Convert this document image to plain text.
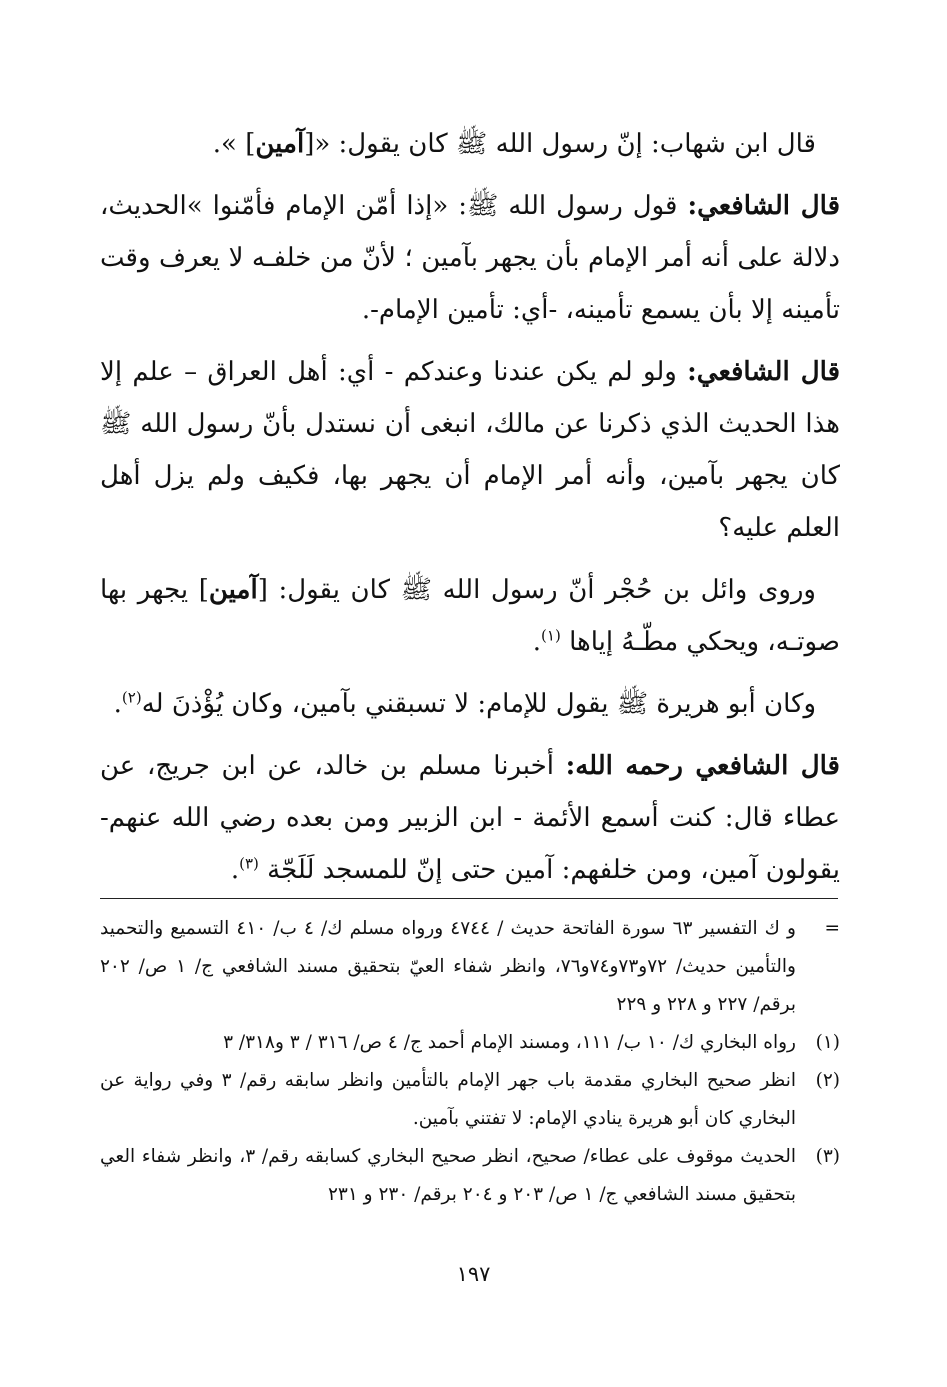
قال ابن شهاب: إنّ رسول الله ﷺ كان يقول: «[آمين] ».

قال الشافعي: قول رسول الله ﷺ: «إذا أمّن الإمام فأمّنوا »الحديث، دلالة على أنه أمر الإمام بأن يجهر بآمين ؛ لأنّ من خلفـه لا يعرف وقت تأمينه إلا بأن يسمع تأمينه، -أي: تأمين الإمام-.

قال الشافعي: ولو لم يكن عندنا وعندكم - أي: أهل العراق – علم إلا هذا الحديث الذي ذكرنا عن مالك، انبغى أن نستدل بأنّ رسول الله ﷺ كان يجهر بآمين، وأنه أمر الإمام أن يجهر بها، فكيف ولم يزل أهل العلم عليه؟

وروى وائل بن حُجْر أنّ رسول الله ﷺ كان يقول: [آمين] يجهر بها صوتـه، ويحكي مطّـهُ إياها $^{(١)}$.

وكان أبو هريرة ﷺ يقول للإمام: لا تسبقني بآمين، وكان يُؤْذنَ له$^{(٢)}$.

قال الشافعي رحمه الله: أخبرنا مسلم بن خالد، عن ابن جريج، عن عطاء قال: كنت أسمع الأئمة - ابن الزبير ومن بعده رضي الله عنهم- يقولون آمين، ومن خلفهم: آمين حتى إنّ للمسجد لَلَجّة $^{(٣)}$.

=
و ك التفسير ٦٣ سورة الفاتحة حديث / ٤٧٤٤ ورواه مسلم ك/ ٤ ب/ ٤١٠ التسميع والتحميد والتأمين حديث/ ٧٢و٧٣و٧٤و٧٦، وانظر شفاء العيّ بتحقيق مسند الشافعي ج/ ١ ص/ ٢٠٢ برقم/ ٢٢٧ و ٢٢٨ و ٢٢٩
(١)
رواه البخاري ك/ ١٠ ب/ ١١١، ومسند الإمام أحمد ج/ ٤ ص/ ٣١٦ / ٣ و٣١٨/ ٣
(٢)
انظر صحيح البخاري مقدمة باب جهر الإمام بالتأمين وانظر سابقه رقم/ ٣ وفي رواية عن البخاري كان أبو هريرة ينادي الإمام: لا تفتني بآمين.
(٣)
الحديث موقوف على عطاء/ صحيح، انظر صحيح البخاري كسابقه رقم/ ٣، وانظر شفاء العي بتحقيق مسند الشافعي ج/ ١ ص/ ٢٠٣ و ٢٠٤ برقم/ ٢٣٠ و ٢٣١
١٩٧
